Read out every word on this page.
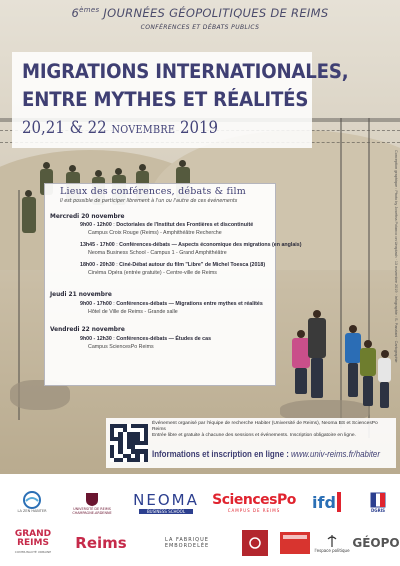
6èmes JOURNÉES GÉOPOLITIQUES DE REIMS
CONFÉRENCES ET DÉBATS PUBLICS
MIGRATIONS INTERNATIONALES,
ENTRE MYTHES ET RÉALITÉS
20,21 & 22 NOVEMBRE 2019
Lieux des conférences, débats & film
Il est possible de participer librement à l'un ou l'autre de ces événements
Mercredi 20 novembre
9h00 - 12h00 : Doctoriales de l'Institut des Frontières et discontinuité
Campus Croix Rouge (Reims) - Amphithéâtre Recherche
13h45 - 17h00 : Conférences-débats — Aspects économique des migrations (en anglais)
Neoma Business School - Campus 1 - Grand Amphithéâtre
18h00 - 20h30 : Ciné-Débat autour du film "Libre" de Michel Toesca (2018)
Cinéma Opéra (entrée gratuite) - Centre-ville de Reims
Jeudi 21 novembre
9h00 - 17h00 : Conférences-débats — Migrations entre mythes et réalités
Hôtel de Ville de Reims - Grande salle
Vendredi 22 novembre
9h00 - 12h30 : Conférences-débats — Études de cas
Campus SciencesPo Reims
Événement organisé par l'équipe de recherche Habiter (Université de Reims), Neoma BS et SciencesPo Reims
Entrée libre et gratuite à chacune des sessions et événements. Inscription obligatoire en ligne.
Informations et inscription en ligne : www.univ-reims.fr/habiter
Conception graphique : Photo by Josefina Polanco on Unsplash · 13 novembre 2019 · Infographie : S. Panziani · Cartographie
LA ZEN HABITER	UNIVERSITÉ DE REIMS CHAMPAGNE-ARDENNE
NEOMA
BUSINESS SCHOOL
SciencesPo
CAMPUS DE REIMS ifd	DGRIS
GRAND REIMS
COMMUNAUTÉ URBAINE Reims	LA FABRIQUE EMBORDELÉE
l'espace politique GÉOPO
